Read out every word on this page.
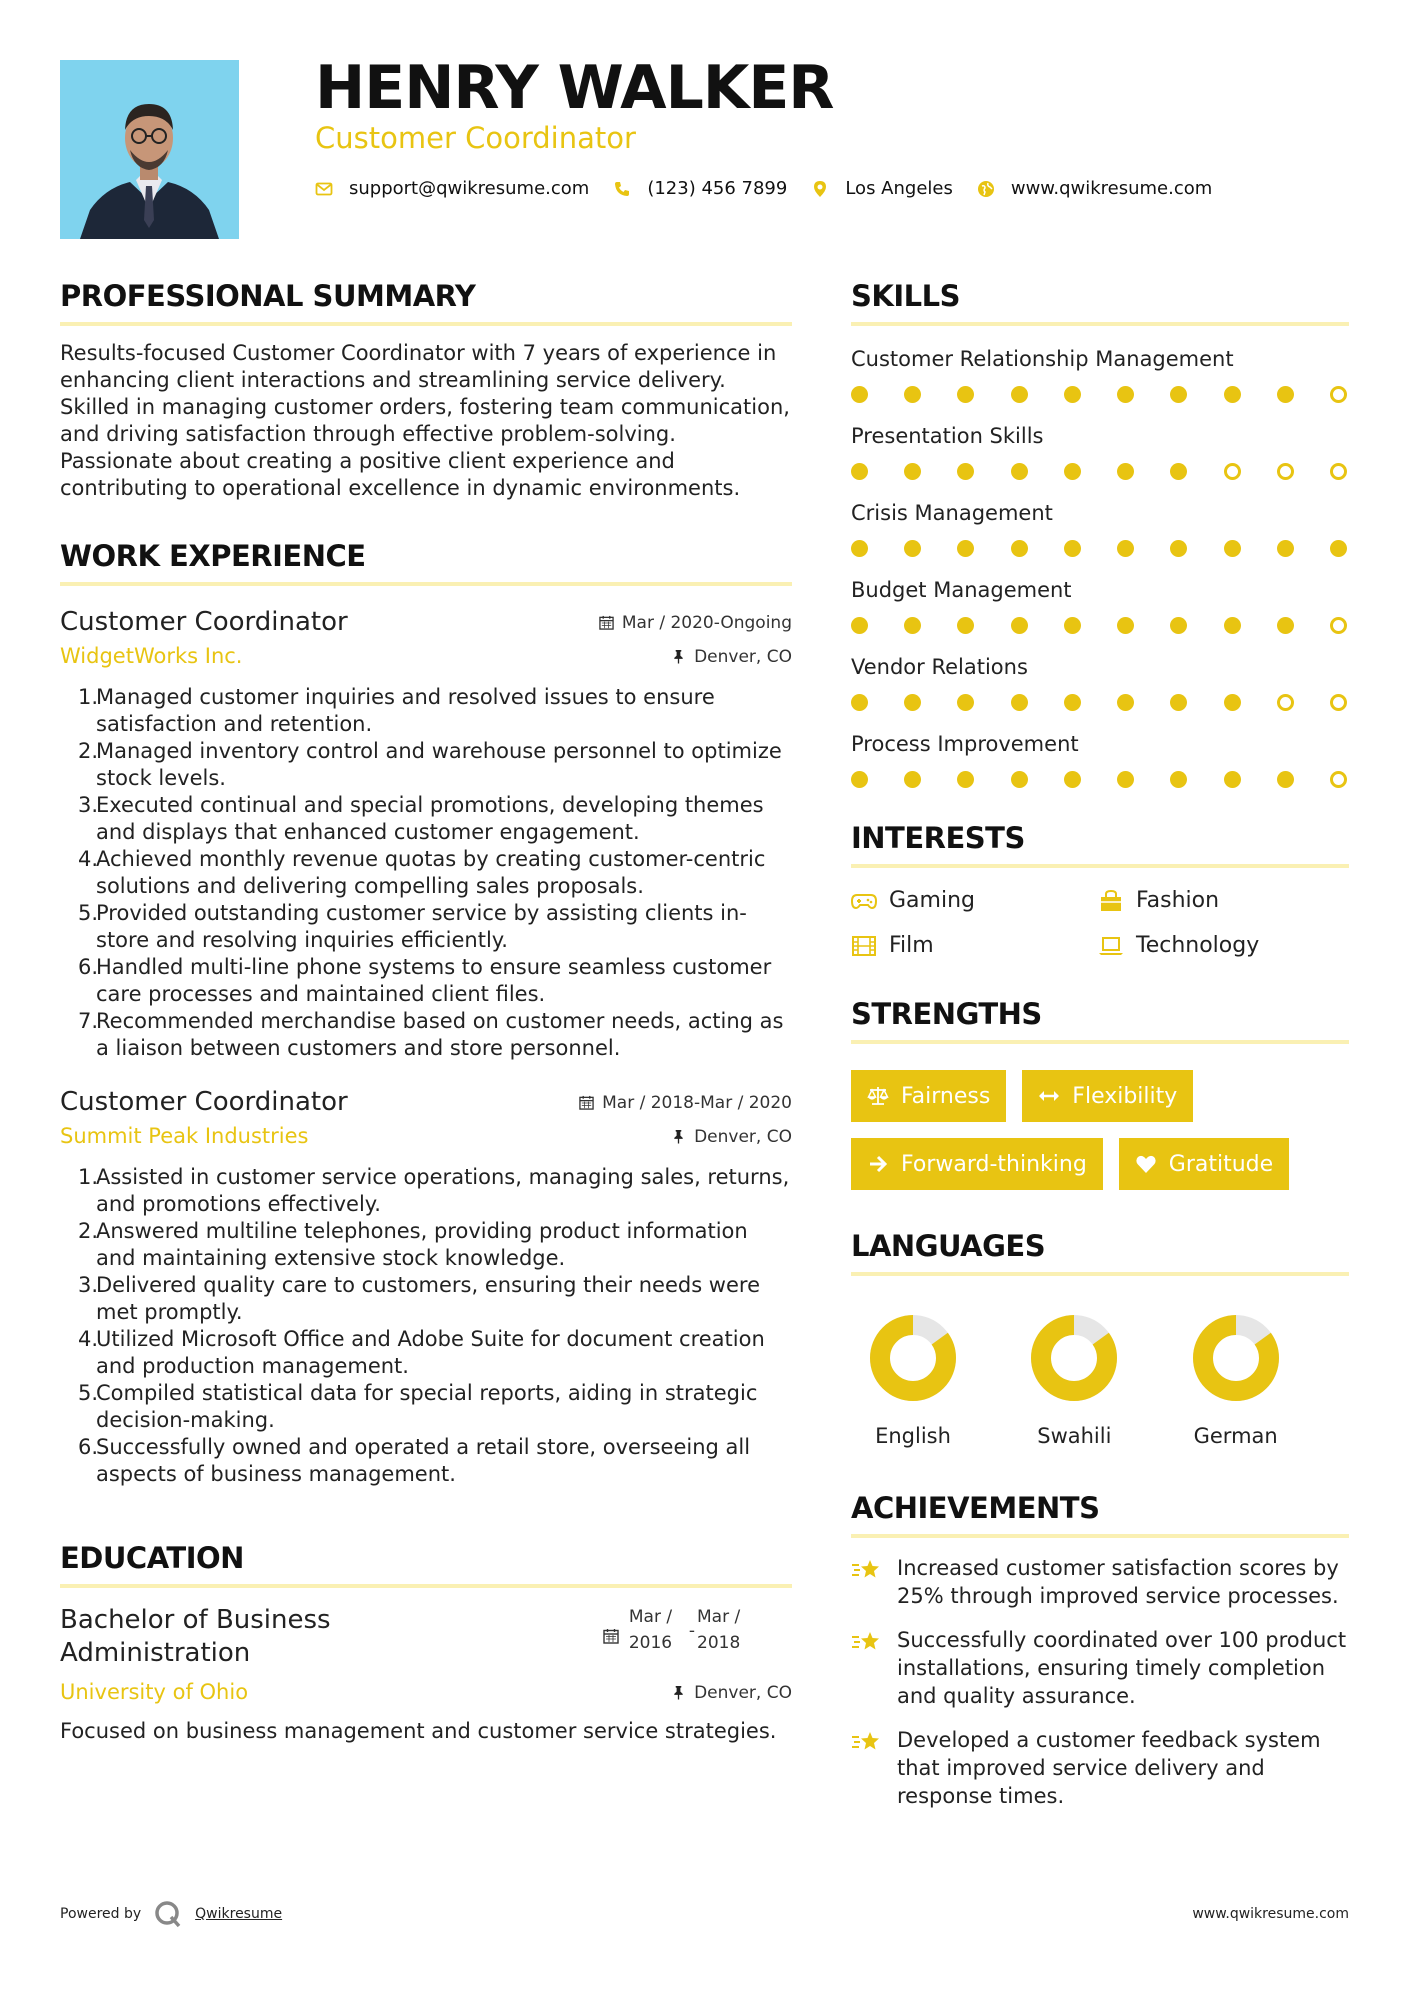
HENRY WALKER
Customer Coordinator
support@qwikresume.com	(123) 456 7899	Los Angeles	www.qwikresume.com
PROFESSIONAL SUMMARY

Results-focused Customer Coordinator with 7 years of experience in enhancing client interactions and streamlining service delivery. Skilled in managing customer orders, fostering team communication, and driving satisfaction through effective problem-solving. Passionate about creating a positive client experience and contributing to operational excellence in dynamic environments.

WORK EXPERIENCE
Customer Coordinator	Mar / 2020-Ongoing
WidgetWorks Inc.	Denver, CO
1.
Managed customer inquiries and resolved issues to ensure satisfaction and retention.
2.
Managed inventory control and warehouse personnel to optimize stock levels.
3.
Executed continual and special promotions, developing themes and displays that enhanced customer engagement.
4.
Achieved monthly revenue quotas by creating customer-centric solutions and delivering compelling sales proposals.
5.
Provided outstanding customer service by assisting clients in-store and resolving inquiries efficiently.
6.
Handled multi-line phone systems to ensure seamless customer care processes and maintained client files.
7.
Recommended merchandise based on customer needs, acting as a liaison between customers and store personnel.
Customer Coordinator	Mar / 2018-Mar / 2020
Summit Peak Industries	Denver, CO
1.
Assisted in customer service operations, managing sales, returns, and promotions effectively.
2.
Answered multiline telephones, providing product information and maintaining extensive stock knowledge.
3.
Delivered quality care to customers, ensuring their needs were met promptly.
4.
Utilized Microsoft Office and Adobe Suite for document creation and production management.
5.
Compiled statistical data for special reports, aiding in strategic decision-making.
6.
Successfully owned and operated a retail store, overseeing all aspects of business management.
EDUCATION
Bachelor of Business Administration
Mar /
2016
-
Mar /
2018
University of Ohio	Denver, CO

Focused on business management and customer service strategies.

SKILLS
Customer Relationship Management
Presentation Skills
Crisis Management
Budget Management
Vendor Relations
Process Improvement
INTERESTS
Gaming	Fashion
Film	Technology
STRENGTHS
Fairness	Flexibility
Forward-thinking	Gratitude
LANGUAGES
English	Swahili	German
ACHIEVEMENTS
Increased customer satisfaction scores by 25% through improved service processes.
Successfully coordinated over 100 product installations, ensuring timely completion and quality assurance.
Developed a customer feedback system that improved service delivery and response times.
Powered by	Qwikresume	www.qwikresume.com
